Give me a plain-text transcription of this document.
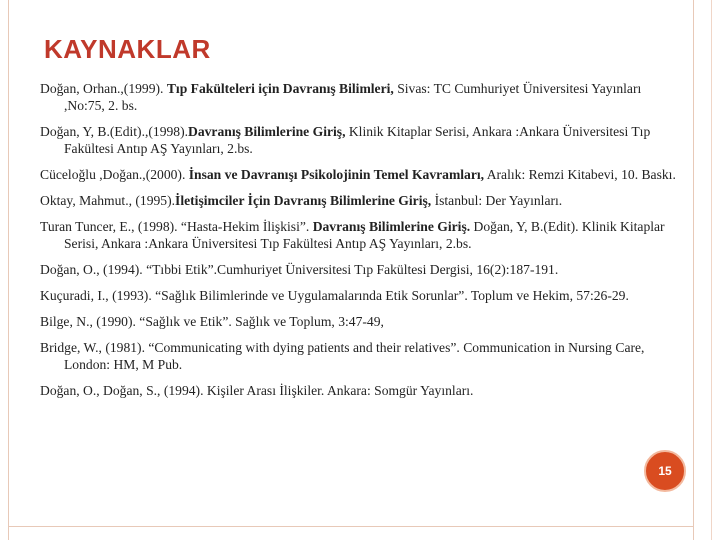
KAYNAKLAR

Doğan, Orhan.,(1999). Tıp Fakülteleri için Davranış Bilimleri, Sivas: TC Cumhuriyet Üniversitesi Yayınları ,No:75, 2. bs.

Doğan, Y, B.(Edit).,(1998).Davranış Bilimlerine Giriş, Klinik Kitaplar Serisi, Ankara :Ankara Üniversitesi Tıp Fakültesi Antıp AŞ Yayınları, 2.bs.

Cüceloğlu ,Doğan.,(2000). İnsan ve Davranışı Psikolojinin Temel Kavramları, Aralık: Remzi Kitabevi, 10. Baskı.

Oktay, Mahmut., (1995).İletişimciler İçin Davranış Bilimlerine Giriş, İstanbul: Der Yayınları.

Turan Tuncer, E., (1998). “Hasta-Hekim İlişkisi”. Davranış Bilimlerine Giriş. Doğan, Y, B.(Edit). Klinik Kitaplar Serisi, Ankara :Ankara Üniversitesi Tıp Fakültesi Antıp AŞ Yayınları, 2.bs.

Doğan, O., (1994). “Tıbbi Etik”.Cumhuriyet Üniversitesi Tıp Fakültesi Dergisi, 16(2):187-191.

Kuçuradi, I., (1993). “Sağlık Bilimlerinde ve Uygulamalarında Etik Sorunlar”. Toplum ve Hekim, 57:26-29.

Bilge, N., (1990). “Sağlık ve Etik”. Sağlık ve Toplum, 3:47-49,

Bridge, W., (1981). “Communicating with dying patients and their relatives”. Communication in Nursing Care, London: HM, M Pub.

Doğan, O., Doğan, S., (1994). Kişiler Arası İlişkiler. Ankara: Somgür Yayınları.

15
